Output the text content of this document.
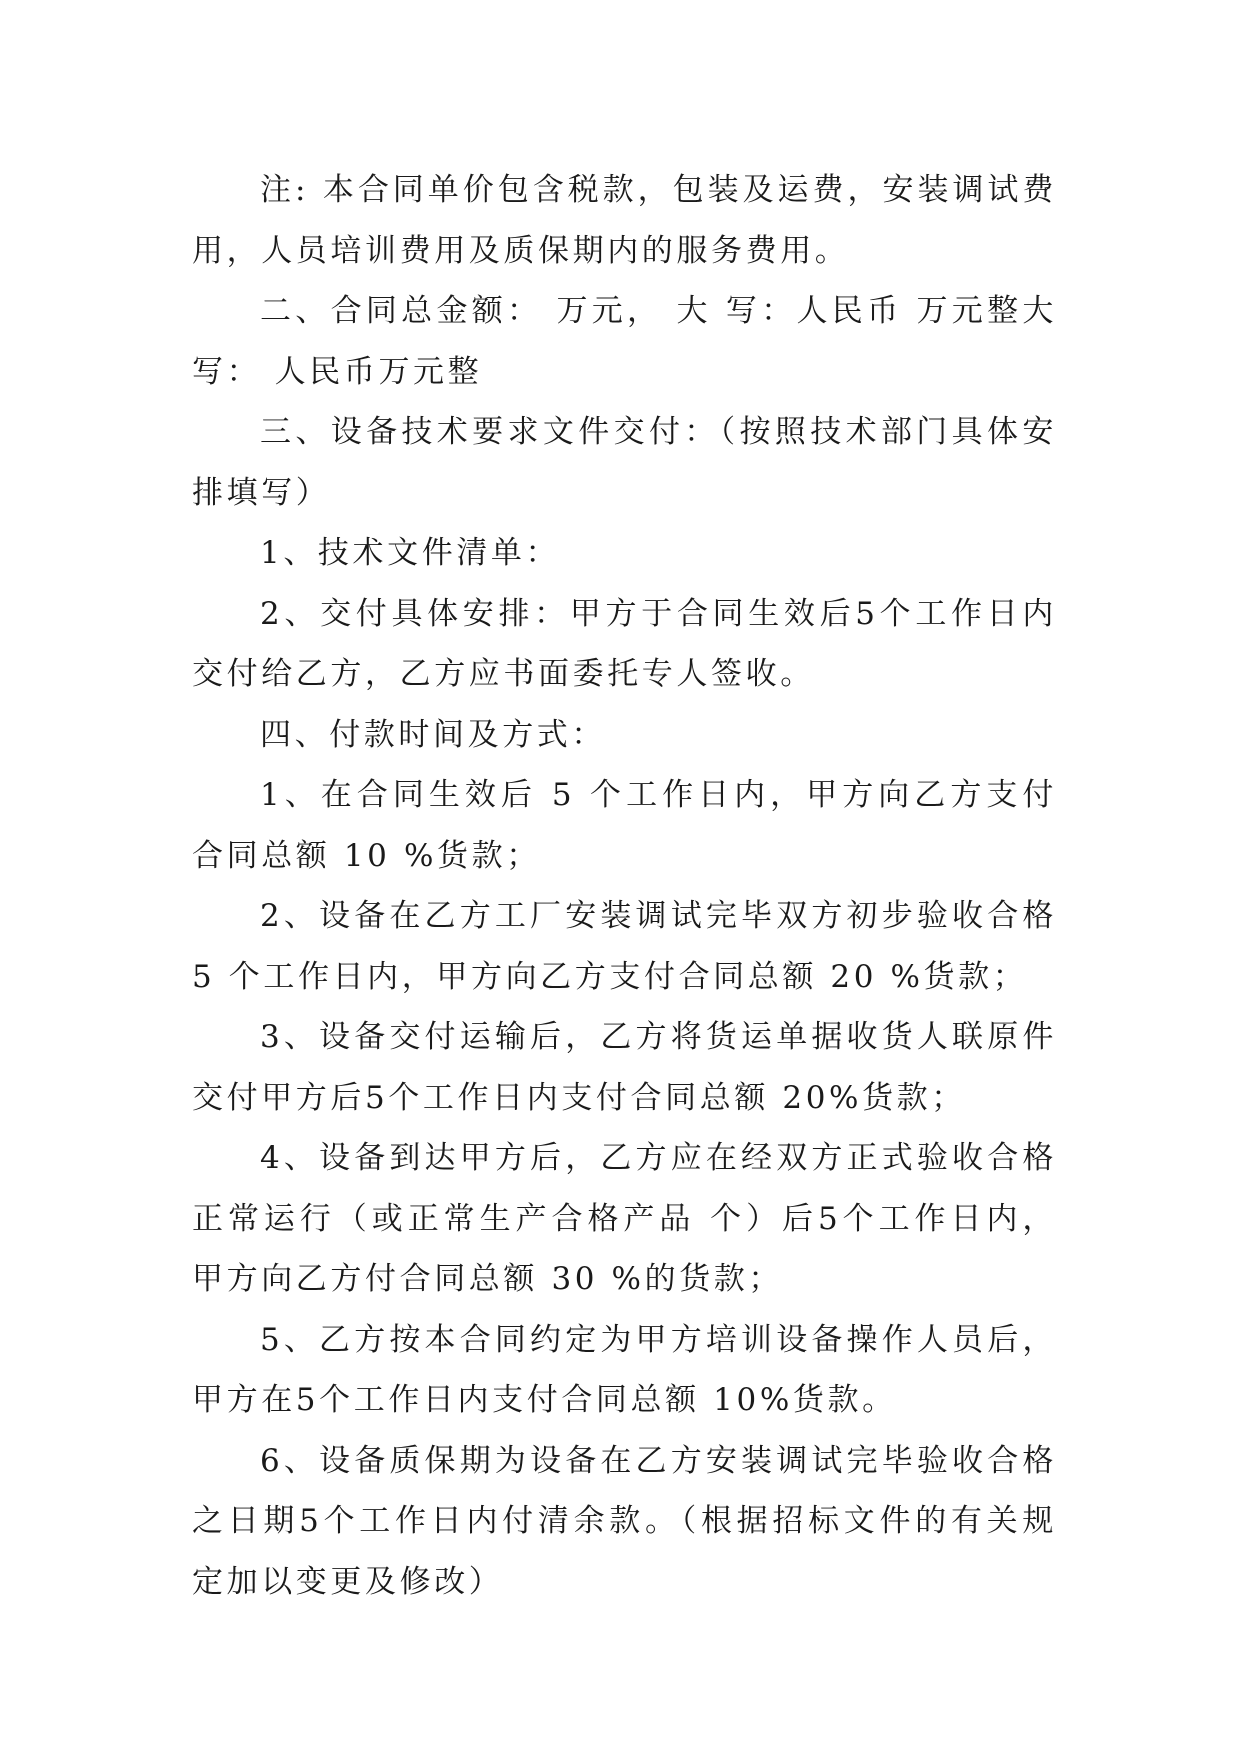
注: 本合同单价包含税款，包装及运费，安装调试费用，人员培训费用及质保期内的服务费用。

二、合同总金额： 万元， 大 写：人民币 万元整大写： 人民币万元整

三、设备技术要求文件交付：（按照技术部门具体安排填写）

1、技术文件清单：

2、交付具体安排：甲方于合同生效后5个工作日内交付给乙方，乙方应书面委托专人签收。

四、付款时间及方式：

1、在合同生效后 5 个工作日内，甲方向乙方支付合同总额 10 %货款；

2、设备在乙方工厂安装调试完毕双方初步验收合格 5 个工作日内，甲方向乙方支付合同总额 20 %货款；

3、设备交付运输后，乙方将货运单据收货人联原件交付甲方后5个工作日内支付合同总额 20%货款；

4、设备到达甲方后，乙方应在经双方正式验收合格正常运行（或正常生产合格产品 个）后5个工作日内，甲方向乙方付合同总额 30 %的货款；

5、乙方按本合同约定为甲方培训设备操作人员后，甲方在5个工作日内支付合同总额 10%货款。

6、设备质保期为设备在乙方安装调试完毕验收合格之日期5个工作日内付清余款。（根据招标文件的有关规定加以变更及修改）
